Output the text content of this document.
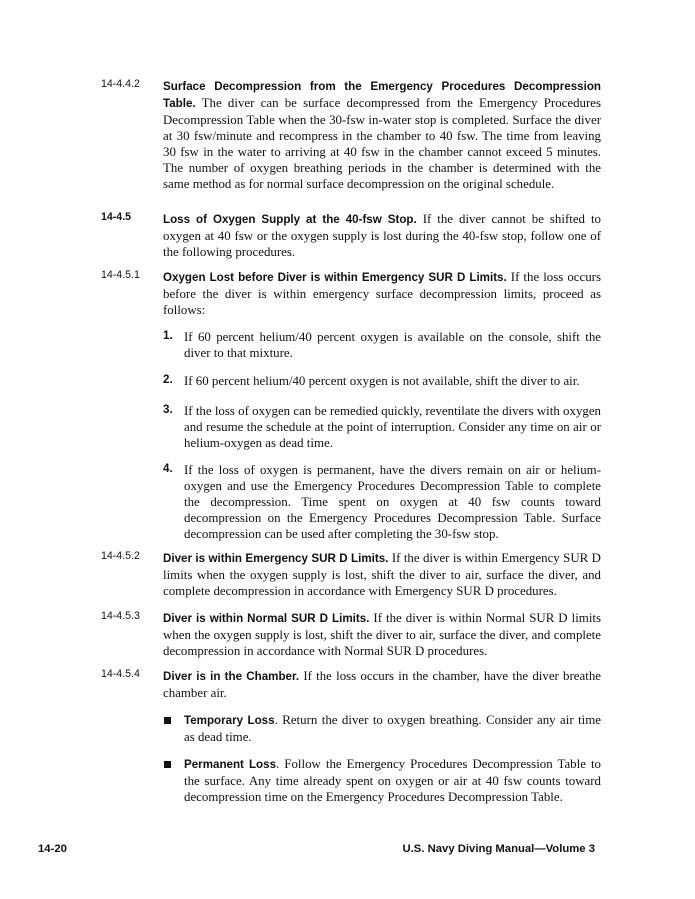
14-4.4.2 Surface Decompression from the Emergency Procedures Decompression Table. The diver can be surface decompressed from the Emergency Procedures Decompression Table when the 30-fsw in-water stop is completed. Surface the diver at 30 fsw/minute and recompress in the chamber to 40 fsw. The time from leaving 30 fsw in the water to arriving at 40 fsw in the chamber cannot exceed 5 minutes. The number of oxygen breathing periods in the chamber is determined with the same method as for normal surface decompression on the original schedule.
14-4.5	Loss of Oxygen Supply at the 40-fsw Stop. If the diver cannot be shifted to oxygen at 40 fsw or the oxygen supply is lost during the 40-fsw stop, follow one of the following procedures.
14-4.5.1 Oxygen Lost before Diver is within Emergency SUR D Limits. If the loss occurs before the diver is within emergency surface decompression limits, proceed as follows:
1. If 60 percent helium/40 percent oxygen is available on the console, shift the diver to that mixture.
2. If 60 percent helium/40 percent oxygen is not available, shift the diver to air.
3. If the loss of oxygen can be remedied quickly, reventilate the divers with oxygen and resume the schedule at the point of interruption. Consider any time on air or helium-oxygen as dead time.
4. If the loss of oxygen is permanent, have the divers remain on air or helium-oxygen and use the Emergency Procedures Decompression Table to complete the decompression. Time spent on oxygen at 40 fsw counts toward decompression on the Emergency Procedures Decompression Table. Surface decompression can be used after completing the 30-fsw stop.
14-4.5.2 Diver is within Emergency SUR D Limits. If the diver is within Emergency SUR D limits when the oxygen supply is lost, shift the diver to air, surface the diver, and complete decompression in accordance with Emergency SUR D procedures.
14-4.5.3 Diver is within Normal SUR D Limits. If the diver is within Normal SUR D limits when the oxygen supply is lost, shift the diver to air, surface the diver, and complete decompression in accordance with Normal SUR D procedures.
14-4.5.4 Diver is in the Chamber. If the loss occurs in the chamber, have the diver breathe chamber air.
Temporary Loss. Return the diver to oxygen breathing. Consider any air time as dead time.
Permanent Loss. Follow the Emergency Procedures Decompression Table to the surface. Any time already spent on oxygen or air at 40 fsw counts toward decompression time on the Emergency Procedures Decompression Table.
14-20	U.S. Navy Diving Manual—Volume 3
